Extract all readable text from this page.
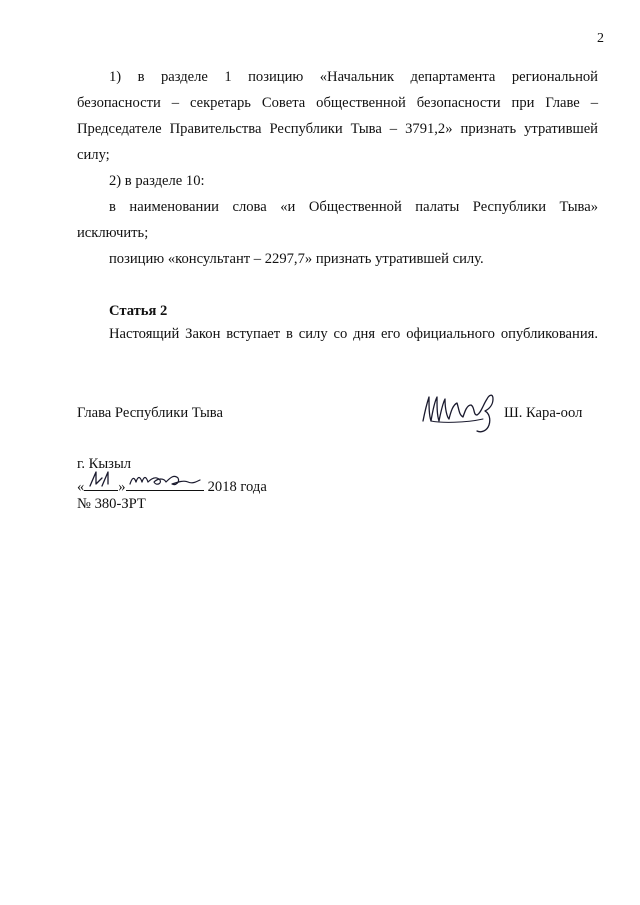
2
1) в разделе 1 позицию «Начальник департамента региональной
безопасности – секретарь Совета общественной безопасности при Главе –
Председателе Правительства Республики Тыва – 3791,2» признать утратившей
силу;
2) в разделе 10:
в наименовании слова «и Общественной палаты Республики Тыва»
исключить;
позицию «консультант – 2297,7» признать утратившей силу.
Статья 2
Настоящий Закон вступает в силу со дня его официального опубликования.
Глава Республики Тыва	Ш. Кара-оол
г. Кызыл
« »	2018 года
№ 380-ЗРТ
